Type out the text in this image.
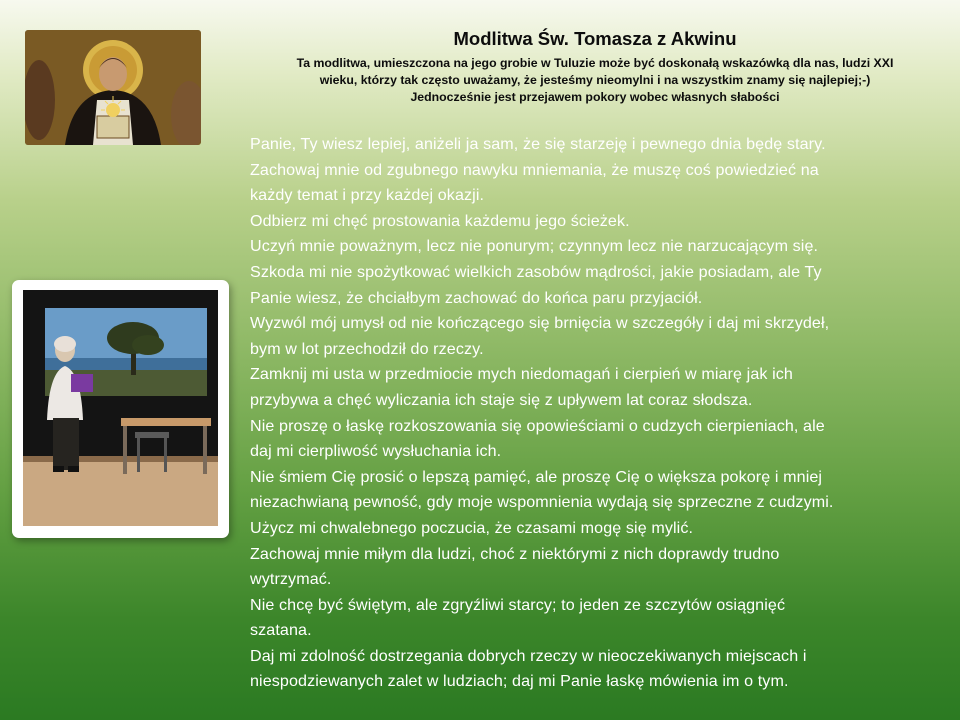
Modlitwa Św. Tomasza z Akwinu
Ta modlitwa, umieszczona na jego grobie w Tuluzie może być doskonałą wskazówką dla nas, ludzi XXI
wieku, którzy tak często uważamy, że jesteśmy nieomylni i na wszystkim znamy się najlepiej;-)
Jednocześnie jest przejawem pokory wobec własnych słabości
Panie, Ty wiesz lepiej, aniżeli ja sam, że się starzeję i pewnego dnia będę stary.
Zachowaj mnie od zgubnego nawyku mniemania, że muszę coś powiedzieć na
każdy temat i przy każdej okazji.
Odbierz mi chęć prostowania każdemu jego ścieżek.
Uczyń mnie poważnym, lecz nie ponurym; czynnym lecz nie narzucającym się.
Szkoda mi nie spożytkować wielkich zasobów mądrości, jakie posiadam, ale Ty
Panie wiesz, że chciałbym zachować do końca paru przyjaciół.
Wyzwól mój umysł od nie kończącego się brnięcia w szczegóły i daj mi skrzydeł,
bym w lot przechodził do rzeczy.
Zamknij mi usta w przedmiocie mych niedomagań i cierpień w miarę jak ich
przybywa a chęć wyliczania ich staje się z upływem lat coraz słodsza.
Nie proszę o łaskę rozkoszowania się opowieściami o cudzych cierpieniach, ale
daj mi cierpliwość wysłuchania ich.
Nie śmiem Cię prosić o lepszą pamięć, ale proszę Cię o większa pokorę i mniej
niezachwianą pewność, gdy moje wspomnienia wydają się sprzeczne z cudzymi.
Użycz mi chwalebnego poczucia, że czasami mogę się mylić.
Zachowaj mnie miłym dla ludzi, choć z niektórymi z nich doprawdy trudno
wytrzymać.
Nie chcę być świętym, ale zgryźliwi starcy; to jeden ze szczytów osiągnięć
szatana.
Daj mi zdolność dostrzegania dobrych rzeczy w nieoczekiwanych miejscach i
niespodziewanych zalet w ludziach; daj mi Panie łaskę mówienia im o tym.
